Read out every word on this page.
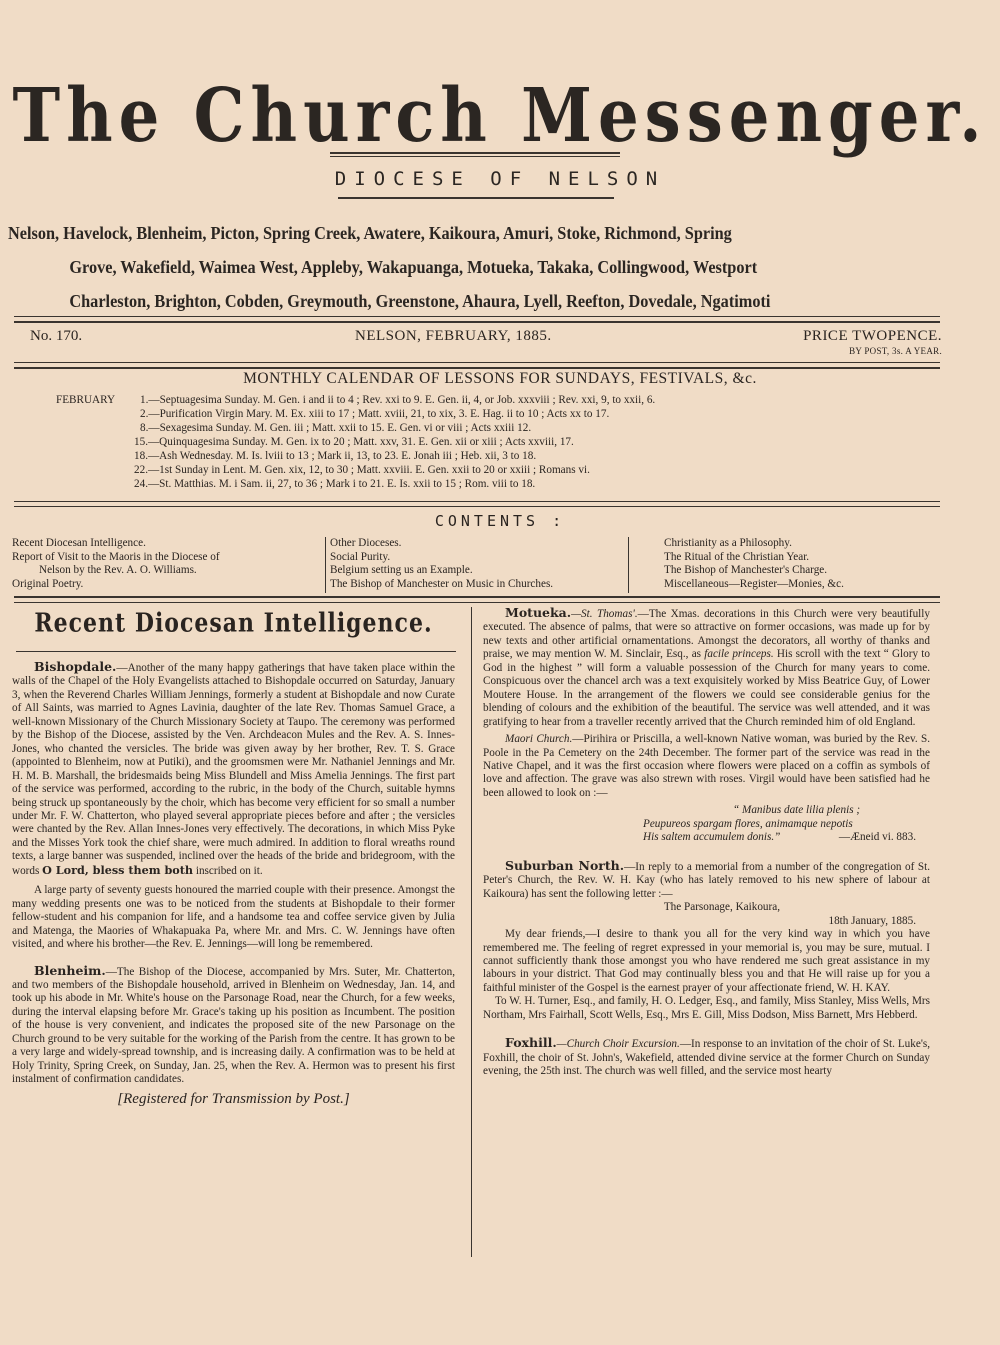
The Church Messenger.
DIOCESE OF NELSON
Nelson, Havelock, Blenheim, Picton, Spring Creek, Awatere, Kaikoura, Amuri, Stoke, Richmond, Spring
Grove, Wakefield, Waimea West, Appleby, Wakapuanga, Motueka, Takaka, Collingwood, Westport
Charleston, Brighton, Cobden, Greymouth, Greenstone, Ahaura, Lyell, Reefton, Dovedale, Ngatimoti
No. 170.	NELSON, FEBRUARY, 1885.	PRICE TWOPENCE.
BY POST, 3s. A YEAR.
MONTHLY CALENDAR OF LESSONS FOR SUNDAYS, FESTIVALS, &c.
FEBRUARY	1.—Septuagesima Sunday. M. Gen. i and ii to 4 ; Rev. xxi to 9. E. Gen. ii, 4, or Job. xxxviii ; Rev. xxi, 9, to xxii, 6.
2.—Purification Virgin Mary. M. Ex. xiii to 17 ; Matt. xviii, 21, to xix, 3. E. Hag. ii to 10 ; Acts xx to 17.
8.—Sexagesima Sunday. M. Gen. iii ; Matt. xxii to 15. E. Gen. vi or viii ; Acts xxiii 12.
15.—Quinquagesima Sunday. M. Gen. ix to 20 ; Matt. xxv, 31. E. Gen. xii or xiii ; Acts xxviii, 17.
18.—Ash Wednesday. M. Is. lviii to 13 ; Mark ii, 13, to 23. E. Jonah iii ; Heb. xii, 3 to 18.
22.—1st Sunday in Lent. M. Gen. xix, 12, to 30 ; Matt. xxviii. E. Gen. xxii to 20 or xxiii ; Romans vi.
24.—St. Matthias. M. i Sam. ii, 27, to 36 ; Mark i to 21. E. Is. xxii to 15 ; Rom. viii to 18.
CONTENTS :
Recent Diocesan Intelligence.
Report of Visit to the Maoris in the Diocese of
Nelson by the Rev. A. O. Williams.
Original Poetry.
Other Dioceses.
Social Purity.
Belgium setting us an Example.
The Bishop of Manchester on Music in Churches.
Christianity as a Philosophy.
The Ritual of the Christian Year.
The Bishop of Manchester's Charge.
Miscellaneous—Register—Monies, &c.
Recent Diocesan Intelligence.

Bishopdale.—Another of the many happy gatherings that have taken place within the walls of the Chapel of the Holy Evangelists attached to Bishopdale occurred on Saturday, January 3, when the Reverend Charles William Jennings, formerly a student at Bishopdale and now Curate of All Saints, was married to Agnes Lavinia, daughter of the late Rev. Thomas Samuel Grace, a well-known Missionary of the Church Missionary Society at Taupo. The ceremony was performed by the Bishop of the Diocese, assisted by the Ven. Archdeacon Mules and the Rev. A. S. Innes-Jones, who chanted the versicles. The bride was given away by her brother, Rev. T. S. Grace (appointed to Blenheim, now at Putiki), and the groomsmen were Mr. Nathaniel Jennings and Mr. H. M. B. Marshall, the bridesmaids being Miss Blundell and Miss Amelia Jennings. The first part of the service was performed, according to the rubric, in the body of the Church, suitable hymns being struck up spontaneously by the choir, which has become very efficient for so small a number under Mr. F. W. Chatterton, who played several appropriate pieces before and after ; the versicles were chanted by the Rev. Allan Innes-Jones very effectively. The decorations, in which Miss Pyke and the Misses York took the chief share, were much admired. In addition to floral wreaths round texts, a large banner was suspended, inclined over the heads of the bride and bridegroom, with the words O Lord, bless them both inscribed on it.

A large party of seventy guests honoured the married couple with their presence. Amongst the many wedding presents one was to be noticed from the students at Bishopdale to their former fellow-student and his companion for life, and a handsome tea and coffee service given by Julia and Matenga, the Maories of Whakapuaka Pa, where Mr. and Mrs. C. W. Jennings have often visited, and where his brother—the Rev. E. Jennings—will long be remembered.

Blenheim.—The Bishop of the Diocese, accompanied by Mrs. Suter, Mr. Chatterton, and two members of the Bishopdale household, arrived in Blenheim on Wednesday, Jan. 14, and took up his abode in Mr. White's house on the Parsonage Road, near the Church, for a few weeks, during the interval elapsing before Mr. Grace's taking up his position as Incumbent. The position of the house is very convenient, and indicates the proposed site of the new Parsonage on the Church ground to be very suitable for the working of the Parish from the centre. It has grown to be a very large and widely-spread township, and is increasing daily. A confirmation was to be held at Holy Trinity, Spring Creek, on Sunday, Jan. 25, when the Rev. A. Hermon was to present his first instalment of confirmation candidates.

[Registered for Transmission by Post.]

Motueka.—St. Thomas'.—The Xmas. decorations in this Church were very beautifully executed. The absence of palms, that were so attractive on former occasions, was made up for by new texts and other artificial ornamentations. Amongst the decorators, all worthy of thanks and praise, we may mention W. M. Sinclair, Esq., as facile princeps. His scroll with the text “ Glory to God in the highest ” will form a valuable possession of the Church for many years to come. Conspicuous over the chancel arch was a text exquisitely worked by Miss Beatrice Guy, of Lower Moutere House. In the arrangement of the flowers we could see considerable genius for the blending of colours and the exhibition of the beautiful. The service was well attended, and it was gratifying to hear from a traveller recently arrived that the Church reminded him of old England.

Maori Church.—Pirihira or Priscilla, a well-known Native woman, was buried by the Rev. S. Poole in the Pa Cemetery on the 24th December. The former part of the service was read in the Native Chapel, and it was the first occasion where flowers were placed on a coffin as symbols of love and affection. The grave was also strewn with roses. Virgil would have been satisfied had he been allowed to look on :—

“ Manibus date lilia plenis ;
Peupureos spargam flores, animamque nepotis
His saltem accumulem donis.”	—Æneid vi. 883.

Suburban North.—In reply to a memorial from a number of the congregation of St. Peter's Church, the Rev. W. H. Kay (who has lately removed to his new sphere of labour at Kaikoura) has sent the following letter :—

The Parsonage, Kaikoura,
18th January, 1885.

My dear friends,—I desire to thank you all for the very kind way in which you have remembered me. The feeling of regret expressed in your memorial is, you may be sure, mutual. I cannot sufficiently thank those amongst you who have rendered me such great assistance in my labours in your district. That God may continually bless you and that He will raise up for you a faithful minister of the Gospel is the earnest prayer of your affectionate friend, W. H. KAY.

To W. H. Turner, Esq., and family, H. O. Ledger, Esq., and family, Miss Stanley, Miss Wells, Mrs Northam, Mrs Fairhall, Scott Wells, Esq., Mrs E. Gill, Miss Dodson, Miss Barnett, Mrs Hebberd.

Foxhill.—Church Choir Excursion.—In response to an invitation of the choir of St. Luke's, Foxhill, the choir of St. John's, Wakefield, attended divine service at the former Church on Sunday evening, the 25th inst. The church was well filled, and the service most hearty
